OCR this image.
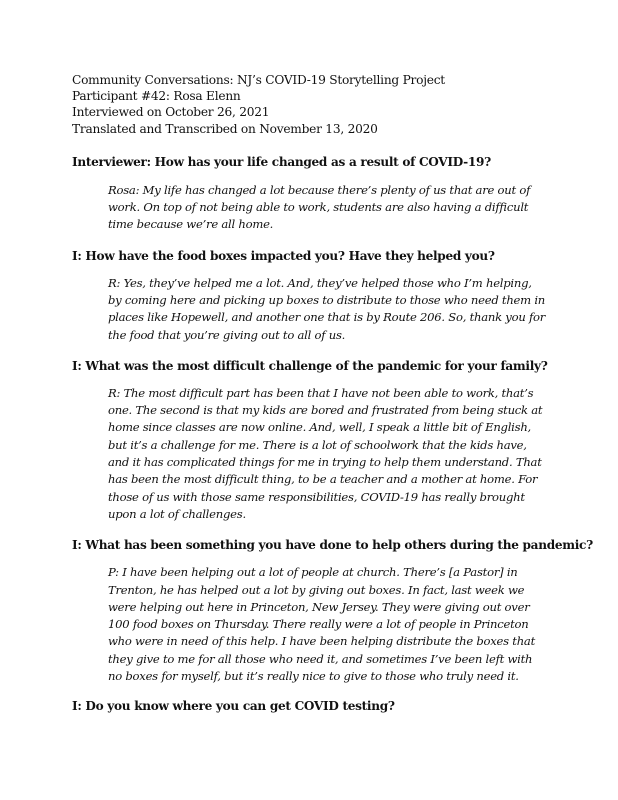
Community Conversations: NJ’s COVID-19 Storytelling Project
Participant #42: Rosa Elenn
Interviewed on October 26, 2021
Translated and Transcribed on November 13, 2020
Interviewer: How has your life changed as a result of COVID-19?
Rosa: My life has changed a lot because there’s plenty of us that are out of work. On top of not being able to work, students are also having a difficult time because we’re all home.
I: How have the food boxes impacted you? Have they helped you?
R: Yes, they’ve helped me a lot. And, they’ve helped those who I’m helping, by coming here and picking up boxes to distribute to those who need them in places like Hopewell, and another one that is by Route 206. So, thank you for the food that you’re giving out to all of us.
I: What was the most difficult challenge of the pandemic for your family?
R: The most difficult part has been that I have not been able to work, that’s one. The second is that my kids are bored and frustrated from being stuck at home since classes are now online. And, well, I speak a little bit of English, but it’s a challenge for me. There is a lot of schoolwork that the kids have, and it has complicated things for me in trying to help them understand. That has been the most difficult thing, to be a teacher and a mother at home. For those of us with those same responsibilities, COVID-19 has really brought upon a lot of challenges.
I: What has been something you have done to help others during the pandemic?
P: I have been helping out a lot of people at church. There’s [a Pastor] in Trenton, he has helped out a lot by giving out boxes. In fact, last week we were helping out here in Princeton, New Jersey. They were giving out over 100 food boxes on Thursday. There really were a lot of people in Princeton who were in need of this help. I have been helping distribute the boxes that they give to me for all those who need it, and sometimes I’ve been left with no boxes for myself, but it’s really nice to give to those who truly need it.
I: Do you know where you can get COVID testing?
